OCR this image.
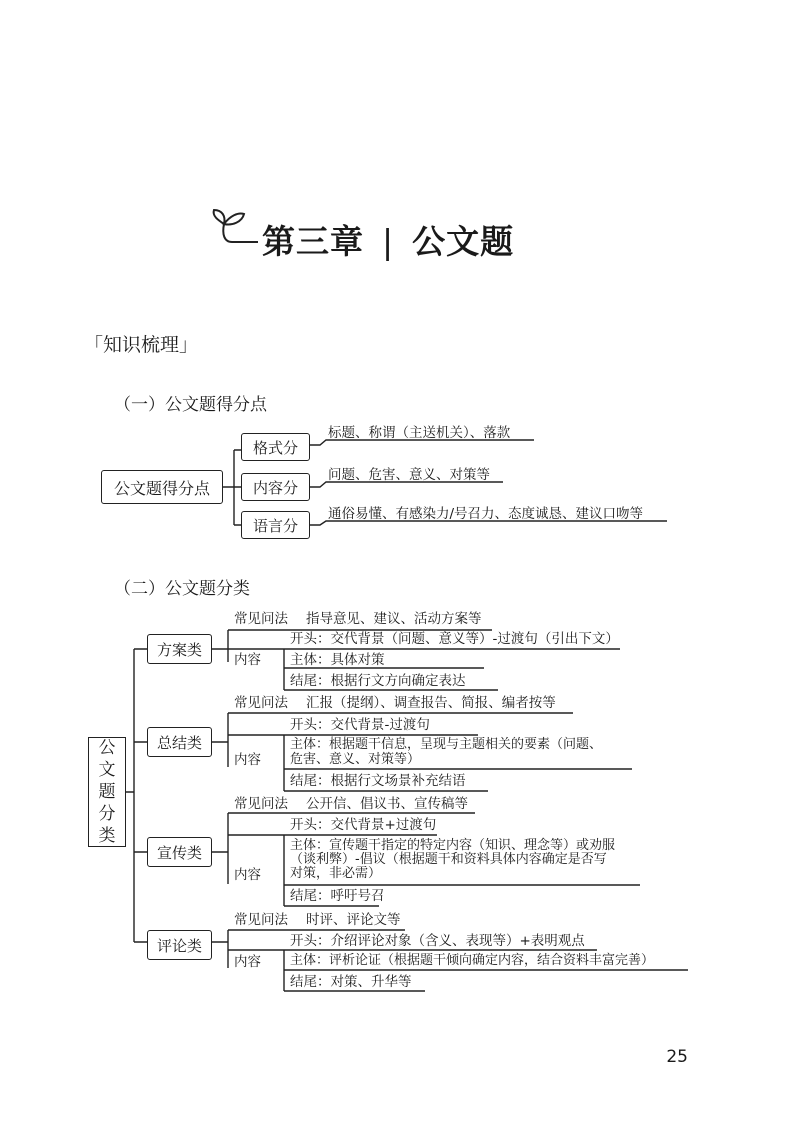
第三章 | 公文题
「知识梳理」
（一）公文题得分点
公文题得分点
格式分
内容分
语言分
标题、称谓（主送机关）、落款
问题、危害、意义、对策等
通俗易懂、有感染力/号召力、态度诚恳、建议口吻等
（二）公文题分类
公
文
题
分
类
方案类
常见问法 指导意见、建议、活动方案等
内容
开头：交代背景（问题、意义等）-过渡句（引出下文）
主体：具体对策
结尾：根据行文方向确定表达
总结类
常见问法 汇报（提纲）、调查报告、简报、编者按等
内容
开头：交代背景-过渡句
主体：根据题干信息，呈现与主题相关的要素（问题、
危害、意义、对策等）
结尾：根据行文场景补充结语
宣传类
常见问法 公开信、倡议书、宣传稿等
内容
开头：交代背景+过渡句
主体：宣传题干指定的特定内容（知识、理念等）或劝服
（谈利弊）-倡议（根据题干和资料具体内容确定是否写
对策，非必需）
结尾：呼吁号召
评论类
常见问法 时评、评论文等
内容
开头：介绍评论对象（含义、表现等）+表明观点
主体：评析论证（根据题干倾向确定内容，结合资料丰富完善）
结尾：对策、升华等
25
